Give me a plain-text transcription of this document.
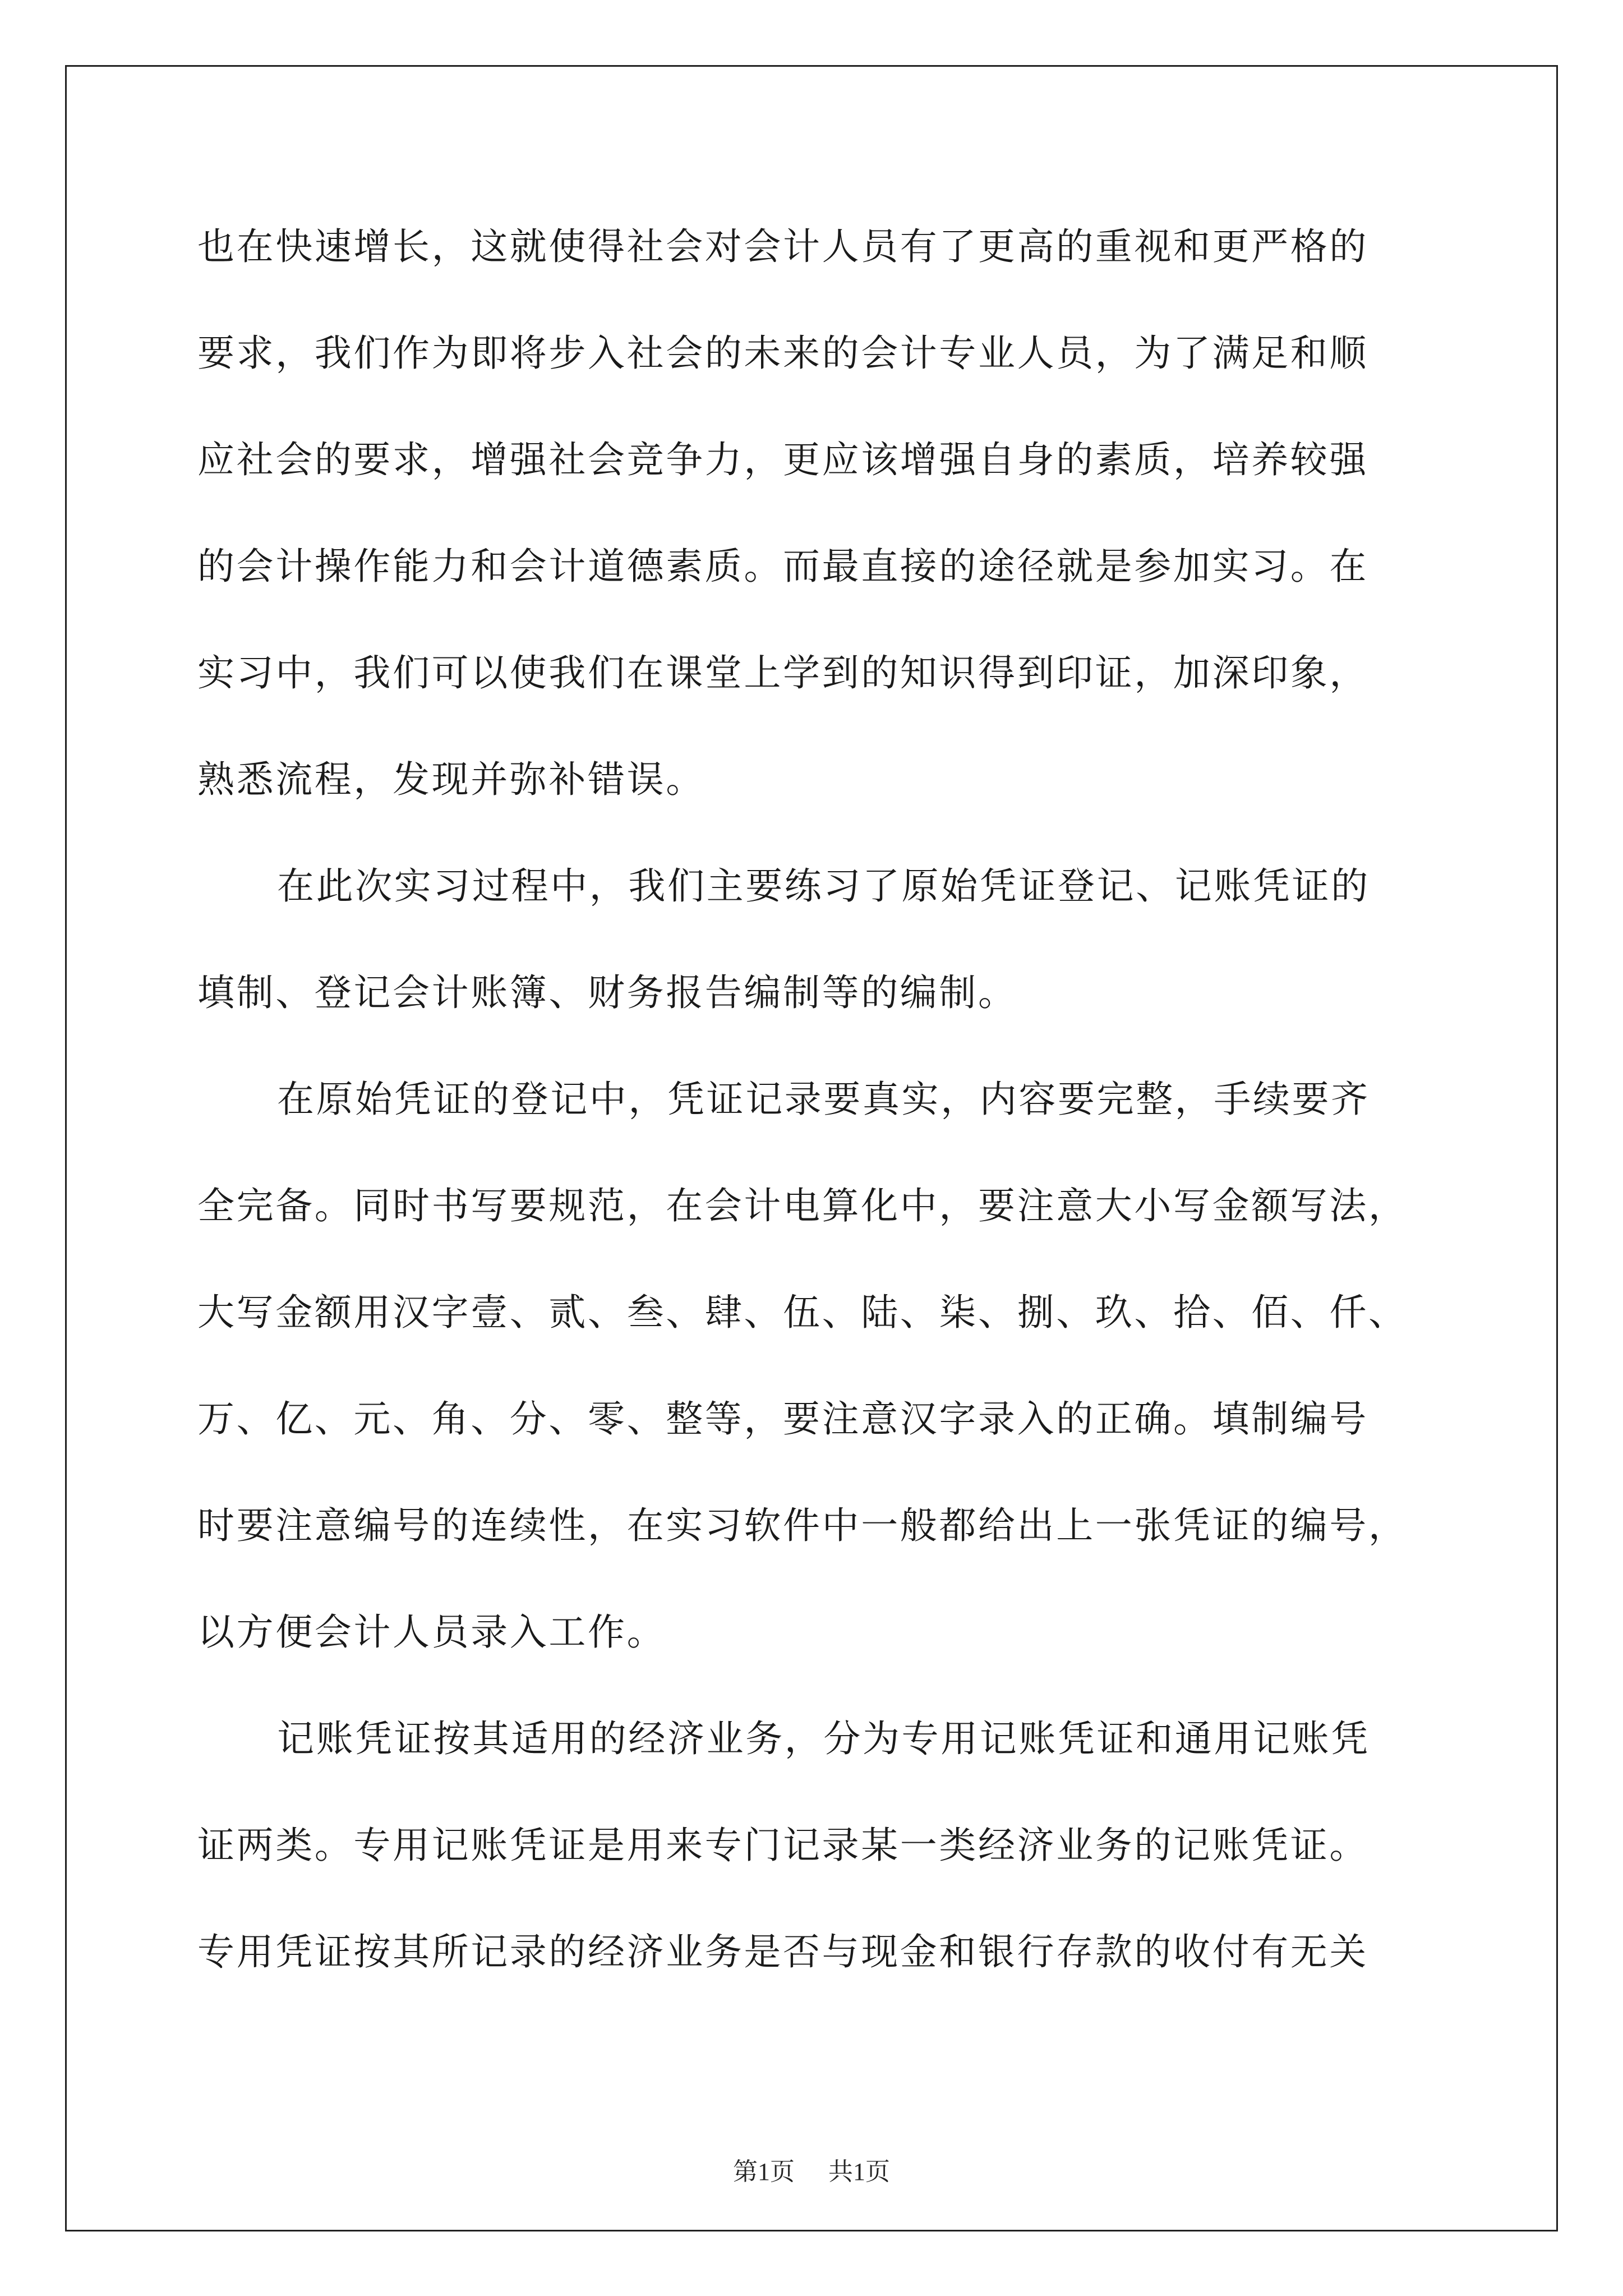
也在快速增长，这就使得社会对会计人员有了更高的重视和更严格的
要求，我们作为即将步入社会的未来的会计专业人员，为了满足和顺
应社会的要求，增强社会竞争力，更应该增强自身的素质，培养较强
的会计操作能力和会计道德素质。而最直接的途径就是参加实习。在
实习中，我们可以使我们在课堂上学到的知识得到印证，加深印象，
熟悉流程，发现并弥补错误。
在此次实习过程中，我们主要练习了原始凭证登记、记账凭证的
填制、登记会计账簿、财务报告编制等的编制。
在原始凭证的登记中，凭证记录要真实，内容要完整，手续要齐
全完备。同时书写要规范，在会计电算化中，要注意大小写金额写法，
大写金额用汉字壹、贰、叁、肆、伍、陆、柒、捌、玖、拾、佰、仟、
万、亿、元、角、分、零、整等，要注意汉字录入的正确。填制编号
时要注意编号的连续性，在实习软件中一般都给出上一张凭证的编号，
以方便会计人员录入工作。
记账凭证按其适用的经济业务，分为专用记账凭证和通用记账凭
证两类。专用记账凭证是用来专门记录某一类经济业务的记账凭证。
专用凭证按其所记录的经济业务是否与现金和银行存款的收付有无关
第1页 共1页
